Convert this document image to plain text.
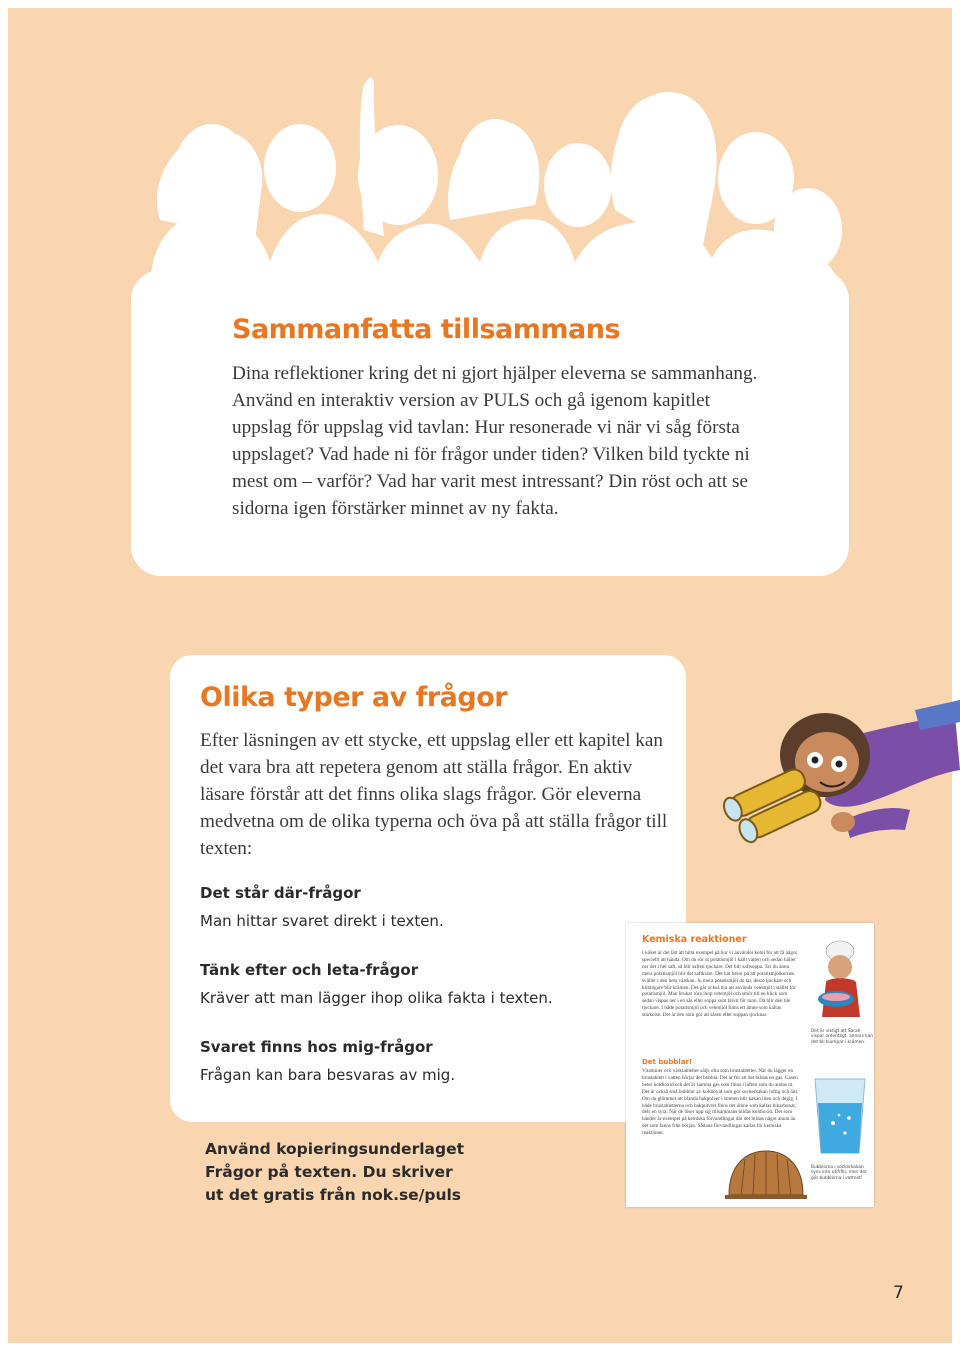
Sammanfatta tillsammans

Dina reflektioner kring det ni gjort hjälper eleverna se sammanhang. Använd en interaktiv version av PULS och gå igenom kapitlet uppslag för uppslag vid tavlan: Hur resonerade vi när vi såg första uppslaget? Vad hade ni för frågor under tiden? Vilken bild tyckte ni mest om – varför? Vad har varit mest intressant? Din röst och att se sidorna igen förstärker minnet av ny fakta.

Olika typer av frågor

Efter läsningen av ett stycke, ett uppslag eller ett kapitel kan det vara bra att repetera genom att ställa frågor. En aktiv läsare förstår att det finns olika slags frågor. Gör eleverna medvetna om de olika typerna och öva på att ställa frågor till texten:

Det står där-frågor
Man hittar svaret direkt i texten.
Tänk efter och leta-frågor
Kräver att man lägger ihop olika fakta i texten.
Svaret finns hos mig-frågor
Frågan kan bara besvaras av mig.
Använd kopieringsunderlaget Frågor på texten. Du skriver ut det gratis från nok.se/puls
Kemiska reaktioner

I köket är det lätt att hitta exempel på hur vi använder kemi för att få något speciellt att hända. Om du rör ut potatismjöl i kallt vatten och sedan häller ner det i het saft, så blir saften tjockare. Det blir saftsoppa. Tar du ännu mera potatismjöl blir det saftkräm. Det här beror på att potatismjölkornen sväller i den heta vätskan. Ju mera potatismjöl du tar, desto tjockare och klibbigare blir krämen. Det går också bra att använda vetemjöl i stället för potatismjöl. Man brukar röra ihop vetemjöl och smör till en klick som sedan vispas ner i en sås eller soppa som blivit för tunn. Då blir den lite tjockare. I både potatismjöl och vetemjöl finns ett ämne som kallas stärkelse. Det är den som gör att såsen eller soppan tjocknar.

Det bubblar!

Vitaminer och värktabletter säljs ofta som brustabletter. När du lägger en brustablett i vatten börjar det bubbla. Det är för att det bildas en gas. Gasen heter koldioxid och det är samma gas som finns i luften som du andas ut. Det är också små bubblor av koldioxid som gör sockerkakan luftig och lätt. Om du glömmer att blanda bakpulver i smeten blir kakan liten och degig. I både brustabletterna och bakpulvret finns det ämne som kallas bikarbonat, dels en syra. När de löser upp sig tillsammans bildas koldioxid. Det som händer är exempel på kemiska förvandlingar där det bildas något annat än det som fanns från början. Sådana förvandlingar kallas för kemiska reaktioner.

Det är viktigt att Sarah vispar ordentligt, annars kan det bli klumpar i krämen.
Bubblorna i sockerkakan syns inte utifrån, men det gör bubblorna i vattnet!
7
